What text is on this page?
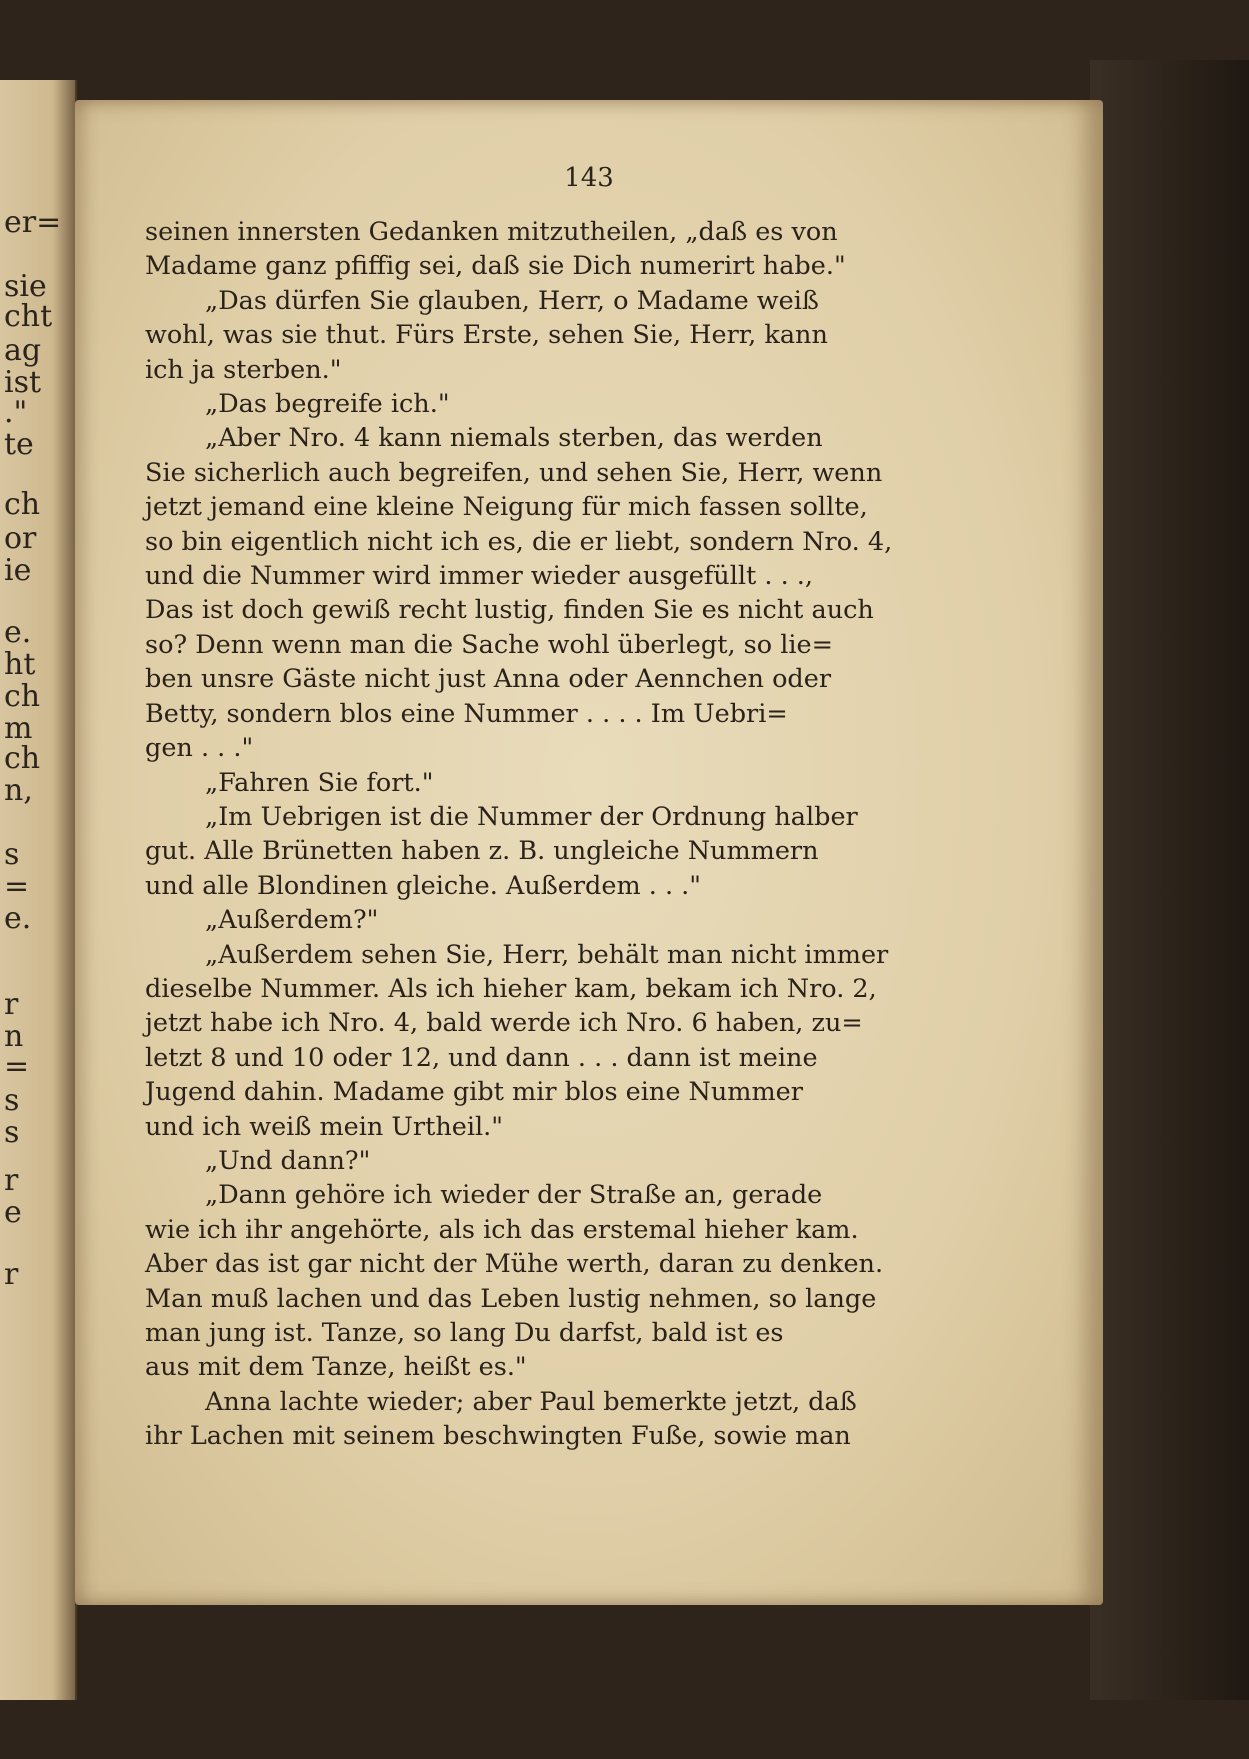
er=
sie
cht
ag
ist
."
te
ch
or
ie
e.
ht
ch
m
ch
n,
s
=
e.
r
n
=
s
s
r
e
r
143
seinen innersten Gedanken mitzutheilen, „daß es von
Madame ganz pfiffig sei, daß sie Dich numerirt habe."
„Das dürfen Sie glauben, Herr, o Madame weiß
wohl, was sie thut. Fürs Erste, sehen Sie, Herr, kann
ich ja sterben."
„Das begreife ich."
„Aber Nro. 4 kann niemals sterben, das werden
Sie sicherlich auch begreifen, und sehen Sie, Herr, wenn
jetzt jemand eine kleine Neigung für mich fassen sollte,
so bin eigentlich nicht ich es, die er liebt, sondern Nro. 4,
und die Nummer wird immer wieder ausgefüllt . . .,
Das ist doch gewiß recht lustig, finden Sie es nicht auch
so? Denn wenn man die Sache wohl überlegt, so lie=
ben unsre Gäste nicht just Anna oder Aennchen oder
Betty, sondern blos eine Nummer . . . . Im Uebri=
gen . . ."
„Fahren Sie fort."
„Im Uebrigen ist die Nummer der Ordnung halber
gut. Alle Brünetten haben z. B. ungleiche Nummern
und alle Blondinen gleiche. Außerdem . . ."
„Außerdem?"
„Außerdem sehen Sie, Herr, behält man nicht immer
dieselbe Nummer. Als ich hieher kam, bekam ich Nro. 2,
jetzt habe ich Nro. 4, bald werde ich Nro. 6 haben, zu=
letzt 8 und 10 oder 12, und dann . . . dann ist meine
Jugend dahin. Madame gibt mir blos eine Nummer
und ich weiß mein Urtheil."
„Und dann?"
„Dann gehöre ich wieder der Straße an, gerade
wie ich ihr angehörte, als ich das erstemal hieher kam.
Aber das ist gar nicht der Mühe werth, daran zu denken.
Man muß lachen und das Leben lustig nehmen, so lange
man jung ist. Tanze, so lang Du darfst, bald ist es
aus mit dem Tanze, heißt es."
Anna lachte wieder; aber Paul bemerkte jetzt, daß
ihr Lachen mit seinem beschwingten Fuße, sowie man
